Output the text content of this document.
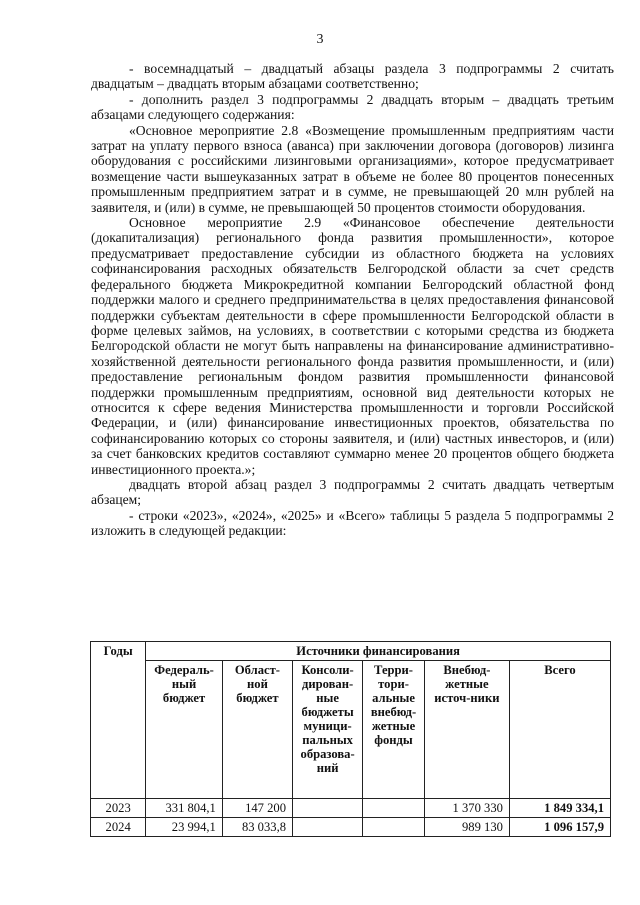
3

- восемнадцатый – двадцатый абзацы раздела 3 подпрограммы 2 считать двадцатым – двадцать вторым абзацами соответственно;

- дополнить раздел 3 подпрограммы 2 двадцать вторым – двадцать третьим абзацами следующего содержания:

«Основное мероприятие 2.8 «Возмещение промышленным предприятиям части затрат на уплату первого взноса (аванса) при заключении договора (договоров) лизинга оборудования с российскими лизинговыми организациями», которое предусматривает возмещение части вышеуказанных затрат в объеме не более 80 процентов понесенных промышленным предприятием затрат и в сумме, не превышающей 20 млн рублей на заявителя, и (или) в сумме, не превышающей 50 процентов стоимости оборудования.

Основное мероприятие 2.9 «Финансовое обеспечение деятельности (докапитализация) регионального фонда развития промышленности», которое предусматривает предоставление субсидии из областного бюджета на условиях софинансирования расходных обязательств Белгородской области за счет средств федерального бюджета Микрокредитной компании Белгородский областной фонд поддержки малого и среднего предпринимательства в целях предоставления финансовой поддержки субъектам деятельности в сфере промышленности Белгородской области в форме целевых займов, на условиях, в соответствии с которыми средства из бюджета Белгородской области не могут быть направлены на финансирование административно-хозяйственной деятельности регионального фонда развития промышленности, и (или) предоставление региональным фондом развития промышленности финансовой поддержки промышленным предприятиям, основной вид деятельности которых не относится к сфере ведения Министерства промышленности и торговли Российской Федерации, и (или) финансирование инвестиционных проектов, обязательства по софинансированию которых со стороны заявителя, и (или) частных инвесторов, и (или) за счет банковских кредитов составляют суммарно менее 20 процентов общего бюджета инвестиционного проекта.»;

двадцать второй абзац раздел 3 подпрограммы 2 считать двадцать четвертым абзацем;

- строки «2023», «2024», «2025» и «Всего» таблицы 5 раздела 5 подпрограммы 2 изложить в следующей редакции:

Годы	Источники финансирования					
	Федераль-ный бюджет	Област-ной бюджет	Консоли-дирован-ные бюджеты муници-пальных образова-ний	Терри-тори-альные внебюд-жетные фонды	Внебюд-жетные источ-ники	Всего
2023	331 804,1	147 200			1 370 330	1 849 334,1
2024	23 994,1	83 033,8			989 130	1 096 157,9
